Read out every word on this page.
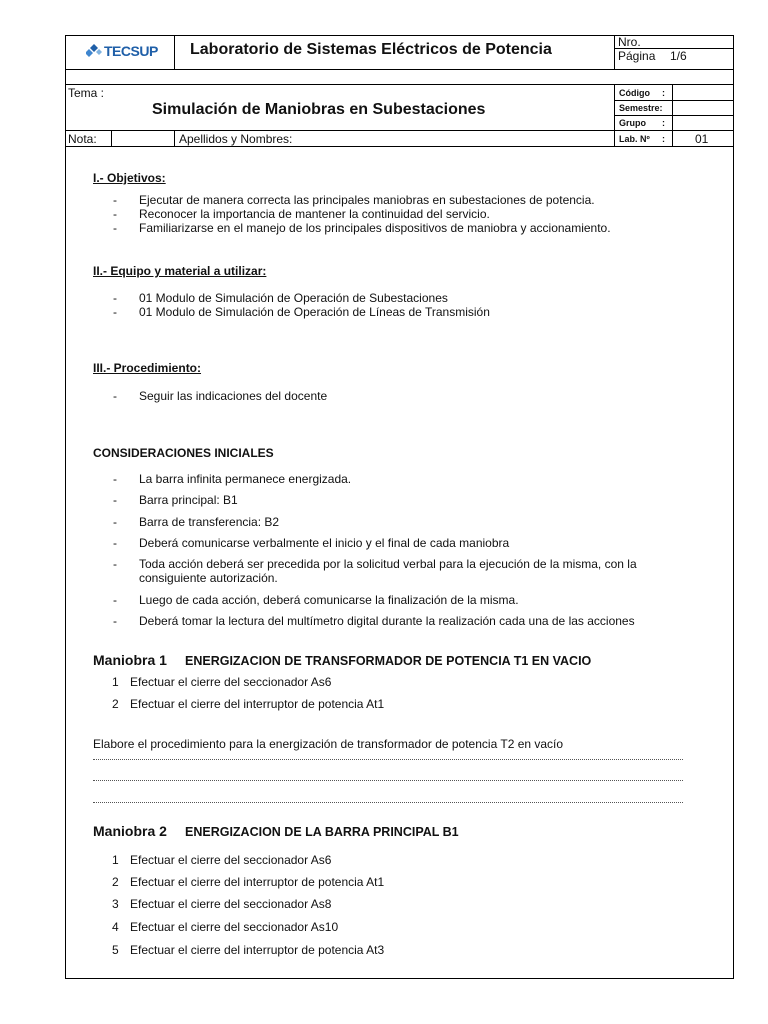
TECSUP Laboratorio de Sistemas Eléctricos de Potencia	Nro.
Página 1/6
Tema :
Simulación de Maniobras en Subestaciones
Código :
Semestre:
Grupo :
Nota:	Apellidos y Nombres:	Lab. Nº :	01
I.- Objetivos:
- Ejecutar de manera correcta las principales maniobras en subestaciones de potencia.
- Reconocer la importancia de mantener la continuidad del servicio.
- Familiarizarse en el manejo de los principales dispositivos de maniobra y accionamiento.
II.- Equipo y material a utilizar:
- 01 Modulo de Simulación de Operación de Subestaciones
- 01 Modulo de Simulación de Operación de Líneas de Transmisión
III.- Procedimiento:
- Seguir las indicaciones del docente
CONSIDERACIONES INICIALES
- La barra infinita permanece energizada.
- Barra principal: B1
- Barra de transferencia: B2
- Deberá comunicarse verbalmente el inicio y el final de cada maniobra
- Toda acción deberá ser precedida por la solicitud verbal para la ejecución de la misma, con la
consiguiente autorización.
- Luego de cada acción, deberá comunicarse la finalización de la misma.
- Deberá tomar la lectura del multímetro digital durante la realización cada una de las acciones
Maniobra 1 ENERGIZACION DE TRANSFORMADOR DE POTENCIA T1 EN VACIO
1 Efectuar el cierre del seccionador As6
2 Efectuar el cierre del interruptor de potencia At1
Elabore el procedimiento para la energización de transformador de potencia T2 en vacío
Maniobra 2 ENERGIZACION DE LA BARRA PRINCIPAL B1
1 Efectuar el cierre del seccionador As6
2 Efectuar el cierre del interruptor de potencia At1
3 Efectuar el cierre del seccionador As8
4 Efectuar el cierre del seccionador As10
5 Efectuar el cierre del interruptor de potencia At3
